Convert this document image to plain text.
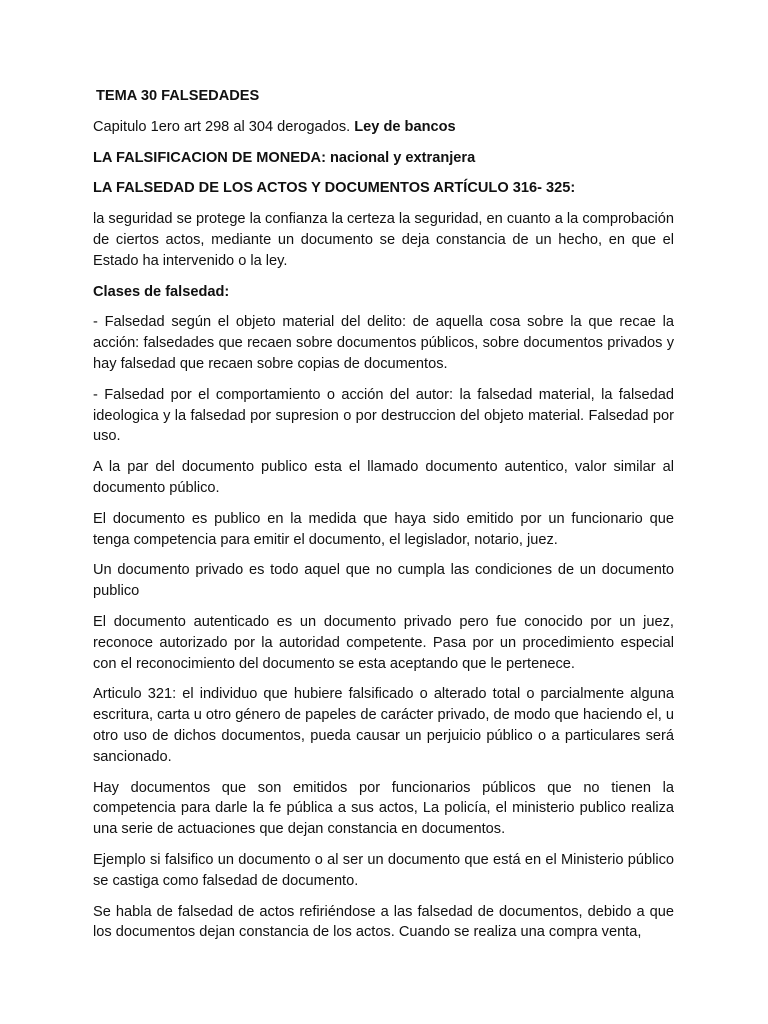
TEMA 30 FALSEDADES

Capitulo 1ero art 298 al 304 derogados. Ley de bancos

LA FALSIFICACION DE MONEDA: nacional y extranjera

LA FALSEDAD DE LOS ACTOS Y DOCUMENTOS ARTÍCULO 316- 325:

la seguridad se protege la confianza la certeza la seguridad, en cuanto a la comprobación de ciertos actos, mediante un documento se deja constancia de un hecho, en que el Estado ha intervenido o la ley.

Clases de falsedad:

- Falsedad según el objeto material del delito: de aquella cosa sobre la que recae la acción: falsedades que recaen sobre documentos públicos, sobre documentos privados y hay falsedad que recaen sobre copias de documentos.

- Falsedad por el comportamiento o acción del autor: la falsedad material, la falsedad ideologica y la falsedad por supresion o por destruccion del objeto material. Falsedad por uso.

A la par del documento publico esta el llamado documento autentico, valor similar al documento público.

El documento es publico en la medida que haya sido emitido por un funcionario que tenga competencia para emitir el documento, el legislador, notario, juez.

Un documento privado es todo aquel que no cumpla las condiciones de un documento publico

El documento autenticado es un documento privado pero fue conocido por un juez, reconoce autorizado por la autoridad competente. Pasa por un procedimiento especial con el reconocimiento del documento se esta aceptando que le pertenece.

Articulo 321: el individuo que hubiere falsificado o alterado total o parcialmente alguna escritura, carta u otro género de papeles de carácter privado, de modo que haciendo el, u otro uso de dichos documentos, pueda causar un perjuicio público o a particulares será sancionado.

Hay documentos que son emitidos por funcionarios públicos que no tienen la competencia para darle la fe pública a sus actos, La policía, el ministerio publico realiza una serie de actuaciones que dejan constancia en documentos.

Ejemplo si falsifico un documento o al ser un documento que está en el Ministerio público se castiga como falsedad de documento.

Se habla de falsedad de actos refiriéndose a las falsedad de documentos, debido a que los documentos dejan constancia de los actos. Cuando se realiza una compra venta,
